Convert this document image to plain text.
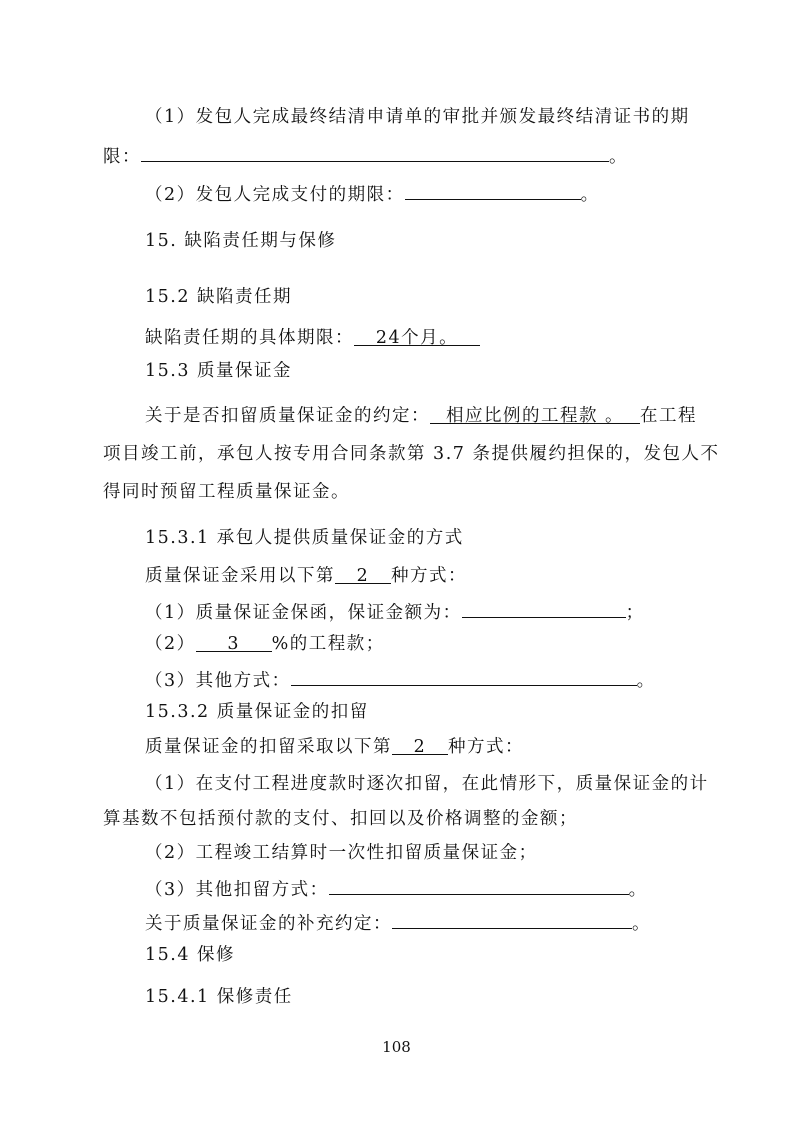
（1）发包人完成最终结清申请单的审批并颁发最终结清证书的期
限：	。
（2）发包人完成支付的期限：	。
15. 缺陷责任期与保修
15.2 缺陷责任期
缺陷责任期的具体期限： 24个月。
15.3 质量保证金
关于是否扣留质量保证金的约定： 相应比例的工程款 。 在工程
项目竣工前，承包人按专用合同条款第 3.7 条提供履约担保的，发包人不
得同时预留工程质量保证金。
15.3.1 承包人提供质量保证金的方式
质量保证金采用以下第 2 种方式：
（1）质量保证金保函，保证金额为：	；
（2） 3 %的工程款；
（3）其他方式：	。
15.3.2 质量保证金的扣留
质量保证金的扣留采取以下第 2 种方式：
（1）在支付工程进度款时逐次扣留，在此情形下，质量保证金的计
算基数不包括预付款的支付、扣回以及价格调整的金额；
（2）工程竣工结算时一次性扣留质量保证金；
（3）其他扣留方式：	。
关于质量保证金的补充约定：	。
15.4 保修
15.4.1 保修责任
108
